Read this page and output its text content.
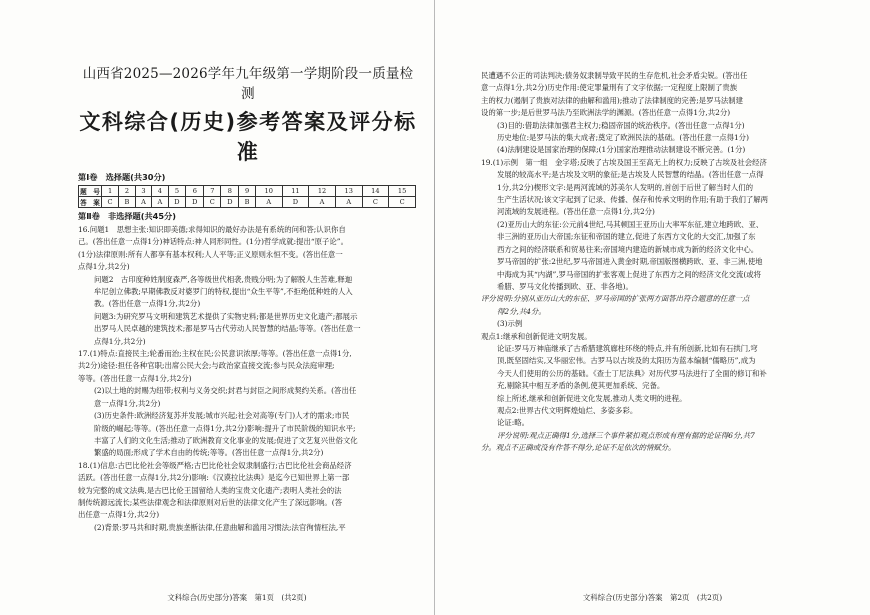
山西省2025—2026学年九年级第一学期阶段一质量检测
文科综合(历史)参考答案及评分标准
第Ⅰ卷　选择题(共30分)
题　号	1	2	3	4	5	6	7	8	9	10	11	12	13	14	15
答　案	C	B	A	A	D	D	C	D	B	A	D	A	A	C	C
第Ⅱ卷　非选择题(共45分)

16.问题1　思想主张:知识即美德;求得知识的最好办法是有系统的问和答;认识你自

己。(答出任意一点得1分)神话特点:神人同形同性。(1分)哲学成就:提出“原子论”。

(1分)法律原则:所有人都享有基本权利;人人平等;正义原则永恒不变。(答出任意一

点得1分,共2分)

问题2　古印度种姓制度森严,各等级世代相袭,贵贱分明;为了解脱人生苦难,释迦

牟尼创立佛教;早期佛教反对婆罗门的特权,提出“众生平等”,不拒绝低种姓的人入

教。(答出任意一点得1分,共2分)

问题3:为研究罗马文明和建筑艺术提供了实物史料;都是世界历史文化遗产;都展示

出罗马人民卓越的建筑技术;都是罗马古代劳动人民智慧的结晶;等等。(答出任意一

点得1分,共2分)

17.(1)特点:直接民主;轮番而治;主权在民;公民意识浓厚;等等。(答出任意一点得1分,

共2分)途径:担任各种官职;出席公民大会;与政治家直接交流;参与民众法庭审理;

等等。(答出任意一点得1分,共2分)

(2)以土地的封赐为纽带;权利与义务交织;封君与封臣之间形成契约关系。(答出任

意一点得1分,共2分)

(3)历史条件:欧洲经济复苏并发展;城市兴起;社会对高等(专门)人才的需求;市民

阶级的崛起;等等。(答出任意一点得1分,共2分)影响:提升了市民阶级的知识水平;

丰富了人们的文化生活;推动了欧洲教育文化事业的发展;促进了文艺复兴世俗文化

繁盛的局面;形成了学术自由的传统;等等。(答出任意一点得1分,共2分)

18.(1)信息:古巴比伦社会等级严格;古巴比伦社会奴隶制盛行;古巴比伦社会商品经济

活跃。(答出任意一点得1分,共2分)影响:《汉谟拉比法典》是迄今已知世界上第一部

较为完整的成文法典,是古巴比伦王国留给人类的宝贵文化遗产;表明人类社会的法

制传统源远流长;某些法律观念和法律原则对后世的法律文化产生了深远影响。(答

出任意一点得1分,共2分)

(2)背景:罗马共和时期,贵族垄断法律,任意曲解和滥用习惯法;法官徇情枉法,平

文科综合(历史部分)答案　第1页　(共2页)

民遭遇不公正的司法判决;债务奴隶制导致平民的生存危机,社会矛盾尖锐。(答出任

意一点得1分,共2分)历史作用:使定罪量刑有了文字依据;一定程度上限制了贵族

主的权力(遏制了贵族对法律的曲解和滥用);推动了法律制度的完善;是罗马法制建

设的第一步;是后世罗马法乃至欧洲法学的渊源。(答出任意一点得1分,共2分)

(3)目的:借助法律加强君主权力;稳固帝国的统治秩序。(答出任意一点得1分)

历史地位:是罗马法的集大成者;奠定了欧洲民法的基础。(答出任意一点得1分)

(4)法制建设是国家治理的保障;(1分)国家治理推动法制建设不断完善。(1分)

19.(1)示例　第一组　金字塔;反映了古埃及国王至高无上的权力;反映了古埃及社会经济

发展的较高水平;是古埃及文明的象征;是古埃及人民智慧的结晶。(答出任意一点得

1分,共2分)楔形文字:是两河流域的苏美尔人发明的,首创于后世了解当时人们的

生产生活状况;该文字起到了记录、传播、保存和传承文明的作用;有助于我们了解两

河流域的发展进程。(答出任意一点得1分,共2分)

(2)亚历山大的东征:公元前4世纪,马其顿国王亚历山大率军东征,建立地跨欧、亚、

非三洲的亚历山大帝国;东征和帝国的建立,促进了东西方文化的大交汇,加强了东

西方之间的经济联系和贸易往来;帝国境内建造的新城市成为新的经济文化中心。

罗马帝国的扩张:2世纪,罗马帝国进入黄金时期,帝国版图横跨欧、亚、非三洲,使地

中海成为其“内湖”,罗马帝国的扩张客观上促进了东西方之间的经济文化交流(或将

希腊、罗马文化传播到欧、亚、非各地)。

评分说明:分别从亚历山大的东征、罗马帝国的扩张两方面答出符合题意的任意一点

得2分,共4分。

(3)示例

观点1:继承和创新促进文明发展。

论证:罗马万神庙继承了古希腊建筑廊柱环绕的特点,并有所创新,比如有石拱门,穹

顶,既坚固结实,又华丽宏伟。古罗马以古埃及的太阳历为蓝本编制“儒略历”,成为

今天人们使用的公历的基础。《查士丁尼法典》对历代罗马法进行了全面的修订和补

充,剔除其中相互矛盾的条例,使其更加系统、完备。

综上所述,继承和创新促进文化发展,推动人类文明的进程。

观点2:世界古代文明辉煌灿烂、多姿多彩。

论证:略。

评分说明:观点正确得1分,选择三个事件紧扣观点形成有理有据的论证得6分,共7

分。观点不正确或没有作答不得分,论证不足依次的情赋分。

文科综合(历史部分)答案　第2页　(共2页)
